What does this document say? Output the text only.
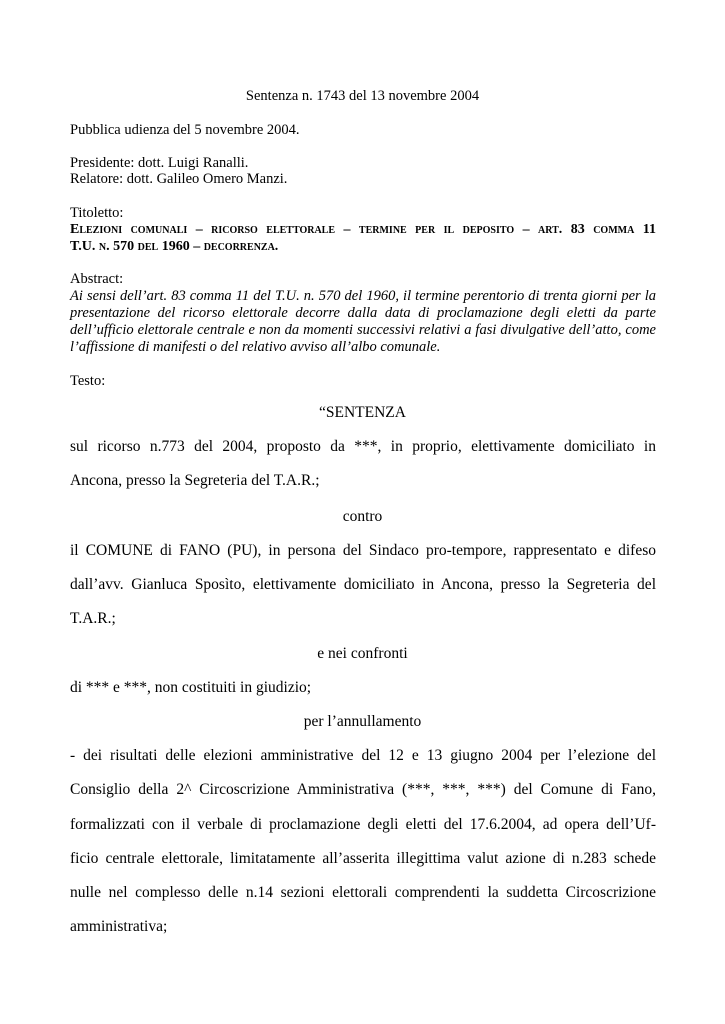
Sentenza n. 1743 del 13 novembre 2004
Pubblica udienza del 5 novembre 2004.
Presidente: dott. Luigi Ranalli.
Relatore: dott. Galileo Omero Manzi.
Titoletto:
Elezioni comunali – ricorso elettorale – termine per il deposito – art. 83 comma 11
T.U. n. 570 del 1960 – decorrenza.
Abstract:
Ai sensi dell’art. 83 comma 11 del T.U. n. 570 del 1960, il termine perentorio di trenta giorni per la
presentazione del ricorso elettorale decorre dalla data di proclamazione degli eletti da parte
dell’ufficio elettorale centrale e non da momenti successivi relativi a fasi divulgative dell’atto, come
l’affissione di manifesti o del relativo avviso all’albo comunale.
Testo:
“SENTENZA
sul ricorso n.773 del 2004, proposto da ***, in proprio, elettivamente domiciliato in
Ancona, presso la Segreteria del T.A.R.;
contro
il COMUNE di FANO (PU), in persona del Sindaco pro-tempore, rappresentato e difeso
dall’avv. Gianluca Sposìto, elettivamente domiciliato in Ancona, presso la Segreteria del
T.A.R.;
e nei confronti
di *** e ***, non costituiti in giudizio;
per l’annullamento
- dei risultati delle elezioni amministrative del 12 e 13 giugno 2004 per l’elezione del
Consiglio della 2^ Circoscrizione Amministrativa (***, ***, ***) del Comune di Fano,
formalizzati con il verbale di proclamazione degli eletti del 17.6.2004, ad opera dell’Uf-
ficio centrale elettorale, limitatamente all’asserita illegittima valut azione di n.283 schede
nulle nel complesso delle n.14 sezioni elettorali comprendenti la suddetta Circoscrizione
amministrativa;
